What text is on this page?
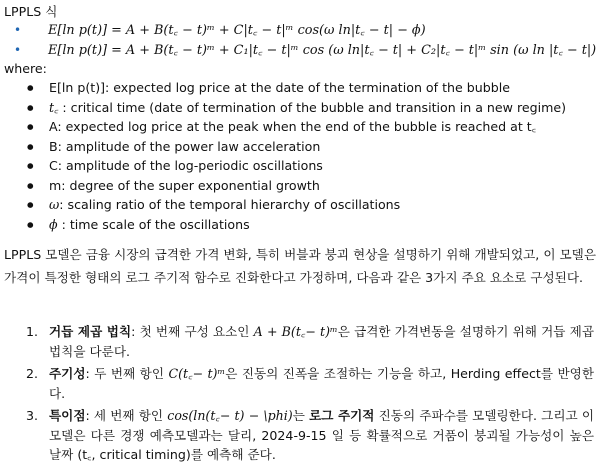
LPPLS 식
• E[ln p(t)] = A + B(t꜀ − t)ᵐ + C|t꜀ − t|ᵐ cos(ω ln|t꜀ − t| − ϕ)
• E[ln p(t)] = A + B(t꜀ − t)ᵐ + C₁|t꜀ − t|ᵐ cos (ω ln|t꜀ − t| + C₂|t꜀ − t|ᵐ sin (ω ln |t꜀ − t|)
where:
● E[ln p(t)]: expected log price at the date of the termination of the bubble
● t꜀ : critical time (date of termination of the bubble and transition in a new regime)
● A: expected log price at the peak when the end of the bubble is reached at t꜀
● B: amplitude of the power law acceleration
● C: amplitude of the log-periodic oscillations
● m: degree of the super exponential growth
● ω: scaling ratio of the temporal hierarchy of oscillations
● ϕ : time scale of the oscillations
LPPLS 모델은 금융 시장의 급격한 가격 변화, 특히 버블과 붕괴 현상을 설명하기 위해 개발되었고, 이 모델은 가격이 특정한 형태의 로그 주기적 함수로 진화한다고 가정하며, 다음과 같은 3가지 주요 요소로 구성된다.
1. 거듭 제곱 법칙: 첫 번째 구성 요소인 A + B(t꜀− t)ᵐ은 급격한 가격변동을 설명하기 위해 거듭 제곱 법칙을 다룬다.
2. 주기성: 두 번째 항인 C(t꜀− t)ᵐ은 진동의 진폭을 조절하는 기능을 하고, Herding effect를 반영한다.
3. 특이점: 세 번째 항인 cos(ln(t꜀− t) − \phi)는 로그 주기적 진동의 주파수를 모델링한다. 그리고 이 모델은 다른 경쟁 예측모델과는 달리, 2024-9-15 일 등 확률적으로 거품이 붕괴될 가능성이 높은 날짜 (t꜀, critical timing)를 예측해 준다.
